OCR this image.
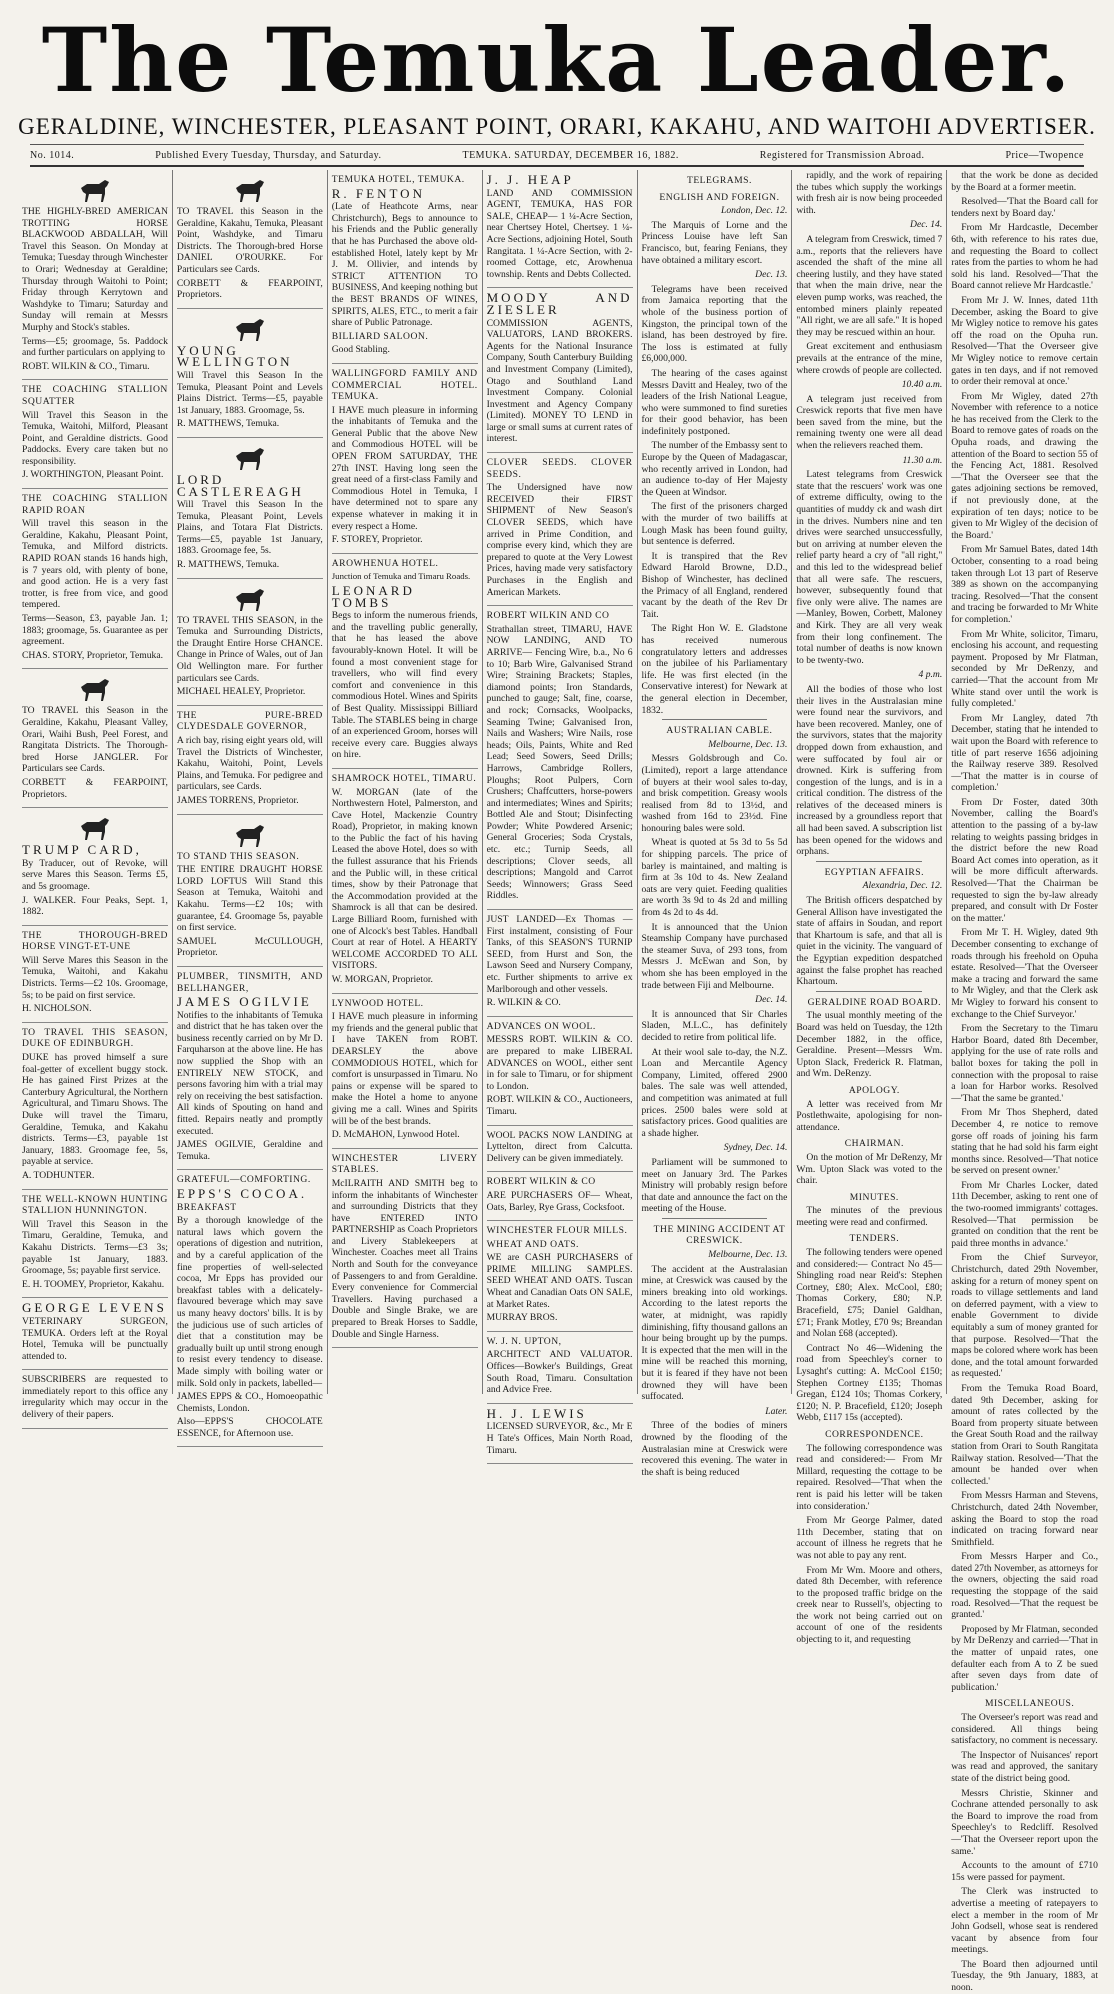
The Temuka Leader.
GERALDINE, WINCHESTER, PLEASANT POINT, ORARI, KAKAHU, AND WAITOHI ADVERTISER.
No. 1014.	Published Every Tuesday, Thursday, and Saturday.	TEMUKA. SATURDAY, DECEMBER 16, 1882.	Registered for Transmission Abroad.	Price—Twopence

THE HIGHLY-BRED AMERICAN TROTTING HORSE BLACKWOOD ABDALLAH, Will Travel this Season. On Monday at Temuka; Tuesday through Winchester to Orari; Wednesday at Geraldine; Thursday through Waitohi to Point; Friday through Kerrytown and Washdyke to Timaru; Saturday and Sunday will remain at Messrs Murphy and Stock's stables.

Terms—£5; groomage, 5s. Paddock and further particulars on applying to

ROBT. WILKIN & CO., Timaru.

THE COACHING STALLION SQUATTER

Will Travel this Season in the Temuka, Waitohi, Milford, Pleasant Point, and Geraldine districts. Good Paddocks. Every care taken but no responsibility.

J. WORTHINGTON, Pleasant Point.

THE COACHING STALLION RAPID ROAN

Will travel this season in the Geraldine, Kakahu, Pleasant Point, Temuka, and Milford districts. RAPID ROAN stands 16 hands high, is 7 years old, with plenty of bone, and good action. He is a very fast trotter, is free from vice, and good tempered.

Terms—Season, £3, payable Jan. 1; 1883; groomage, 5s. Guarantee as per agreement.

CHAS. STORY, Proprietor, Temuka.

TO TRAVEL this Season in the Geraldine, Kakahu, Pleasant Valley, Orari, Waihi Bush, Peel Forest, and Rangitata Districts. The Thorough-bred Horse JANGLER. For Particulars see Cards.

CORBETT & FEARPOINT, Proprietors.

TRUMP CARD,

By Traducer, out of Revoke, will serve Mares this Season. Terms £5, and 5s groomage.

J. WALKER. Four Peaks, Sept. 1, 1882.

THE THOROUGH-BRED HORSE VINGT-ET-UNE

Will Serve Mares this Season in the Temuka, Waitohi, and Kakahu Districts. Terms—£2 10s. Groomage, 5s; to be paid on first service.

H. NICHOLSON.

TO TRAVEL THIS SEASON, DUKE OF EDINBURGH.

DUKE has proved himself a sure foal-getter of excellent buggy stock. He has gained First Prizes at the Canterbury Agricultural, the Northern Agricultural, and Timaru Shows. The Duke will travel the Timaru, Geraldine, Temuka, and Kakahu districts. Terms—£3, payable 1st January, 1883. Groomage fee, 5s, payable at service.

A. TODHUNTER.

THE WELL-KNOWN HUNTING STALLION HUNNINGTON.

Will Travel this Season in the Timaru, Geraldine, Temuka, and Kakahu Districts. Terms—£3 3s; payable 1st January, 1883. Groomage, 5s; payable first service.

E. H. TOOMEY, Proprietor, Kakahu.

GEORGE LEVENS

VETERINARY SURGEON, TEMUKA. Orders left at the Royal Hotel, Temuka will be punctually attended to.

SUBSCRIBERS are requested to immediately report to this office any irregularity which may occur in the delivery of their papers.

TO TRAVEL this Season in the Geraldine, Kakahu, Temuka, Pleasant Point, Washdyke, and Timaru Districts. The Thorough-bred Horse DANIEL O'ROURKE. For Particulars see Cards.

CORBETT & FEARPOINT, Proprietors.

YOUNG WELLINGTON

Will Travel this Season In the Temuka, Pleasant Point and Levels Plains District. Terms—£5, payable 1st January, 1883. Groomage, 5s.

R. MATTHEWS, Temuka.

LORD CASTLEREAGH

Will Travel this Season In the Temuka, Pleasant Point, Levels Plains, and Totara Flat Districts. Terms—£5, payable 1st January, 1883. Groomage fee, 5s.

R. MATTHEWS, Temuka.

TO TRAVEL THIS SEASON, in the Temuka and Surrounding Districts, the Draught Entire Horse CHANCE. Change in Prince of Wales, out of Jan Old Wellington mare. For further particulars see Cards.

MICHAEL HEALEY, Proprietor.

THE PURE-BRED CLYDESDALE GOVERNOR,

A rich bay, rising eight years old, will Travel the Districts of Winchester, Kakahu, Waitohi, Point, Levels Plains, and Temuka. For pedigree and particulars, see Cards.

JAMES TORRENS, Proprietor.

TO STAND THIS SEASON.

THE ENTIRE DRAUGHT HORSE LORD LOFTUS Will Stand this Season at Temuka, Waitohi and Kakahu. Terms—£2 10s; with guarantee, £4. Groomage 5s, payable on first service.

SAMUEL McCULLOUGH, Proprietor.

PLUMBER, TINSMITH, AND BELLHANGER,

JAMES OGILVIE

Notifies to the inhabitants of Temuka and district that he has taken over the business recently carried on by Mr D. Farquharson at the above line. He has now supplied the Shop with an ENTIRELY NEW STOCK, and persons favoring him with a trial may rely on receiving the best satisfaction. All kinds of Spouting on hand and fitted. Repairs neatly and promptly executed.

JAMES OGILVIE, Geraldine and Temuka.

GRATEFUL—COMFORTING.

EPPS'S COCOA.

BREAKFAST

By a thorough knowledge of the natural laws which govern the operations of digestion and nutrition, and by a careful application of the fine properties of well-selected cocoa, Mr Epps has provided our breakfast tables with a delicately-flavoured beverage which may save us many heavy doctors' bills. It is by the judicious use of such articles of diet that a constitution may be gradually built up until strong enough to resist every tendency to disease. Made simply with boiling water or milk. Sold only in packets, labelled—

JAMES EPPS & CO., Homoeopathic Chemists, London.

Also—EPPS'S CHOCOLATE ESSENCE, for Afternoon use.

TEMUKA HOTEL, TEMUKA.

R. FENTON

(Late of Heathcote Arms, near Christchurch), Begs to announce to his Friends and the Public generally that he has Purchased the above old-established Hotel, lately kept by Mr J. M. Ollivier, and intends by STRICT ATTENTION TO BUSINESS, And keeping nothing but the BEST BRANDS OF WINES, SPIRITS, ALES, ETC., to merit a fair share of Public Patronage.

BILLIARD SALOON.

Good Stabling.

WALLINGFORD FAMILY AND COMMERCIAL HOTEL. TEMUKA.

I HAVE much pleasure in informing the inhabitants of Temuka and the General Public that the above New and Commodious HOTEL will be OPEN FROM SATURDAY, THE 27th INST. Having long seen the great need of a first-class Family and Commodious Hotel in Temuka, I have determined not to spare any expense whatever in making it in every respect a Home.

F. STOREY, Proprietor.

AROWHENUA HOTEL.

Junction of Temuka and Timaru Roads.

LEONARD TOMBS

Begs to inform the numerous friends, and the travelling public generally, that he has leased the above favourably-known Hotel. It will be found a most convenient stage for travellers, who will find every comfort and convenience in this commodious Hotel. Wines and Spirits of Best Quality. Mississippi Billiard Table. The STABLES being in charge of an experienced Groom, horses will receive every care. Buggies always on hire.

SHAMROCK HOTEL, TIMARU.

W. MORGAN (late of the Northwestern Hotel, Palmerston, and Cave Hotel, Mackenzie Country Road), Proprietor, in making known to the Public the fact of his having Leased the above Hotel, does so with the fullest assurance that his Friends and the Public will, in these critical times, show by their Patronage that the Accommodation provided at the Shamrock is all that can be desired. Large Billiard Room, furnished with one of Alcock's best Tables. Handball Court at rear of Hotel. A HEARTY WELCOME ACCORDED TO ALL VISITORS.

W. MORGAN, Proprietor.

LYNWOOD HOTEL.

I HAVE much pleasure in informing my friends and the general public that I have TAKEN from ROBT. DEARSLEY the above COMMODIOUS HOTEL, which for comfort is unsurpassed in Timaru. No pains or expense will be spared to make the Hotel a home to anyone giving me a call. Wines and Spirits will be of the best brands.

D. McMAHON, Lynwood Hotel.

WINCHESTER LIVERY STABLES.

McILRAITH AND SMITH beg to inform the inhabitants of Winchester and surrounding Districts that they have ENTERED INTO PARTNERSHIP as Coach Proprietors and Livery Stablekeepers at Winchester. Coaches meet all Trains North and South for the conveyance of Passengers to and from Geraldine. Every convenience for Commercial Travellers. Having purchased a Double and Single Brake, we are prepared to Break Horses to Saddle, Double and Single Harness.

J. J. HEAP

LAND AND COMMISSION AGENT, TEMUKA, HAS FOR SALE, CHEAP— 1 ¼-Acre Section, near Chertsey Hotel, Chertsey. 1 ¼-Acre Sections, adjoining Hotel, South Rangitata. 1 ¼-Acre Section, with 2-roomed Cottage, etc, Arowhenua township. Rents and Debts Collected.

MOODY AND ZIESLER

COMMISSION AGENTS, VALUATORS, LAND BROKERS. Agents for the National Insurance Company, South Canterbury Building and Investment Company (Limited), Otago and Southland Land Investment Company. Colonial Investment and Agency Company (Limited). MONEY TO LEND in large or small sums at current rates of interest.

CLOVER SEEDS. CLOVER SEEDS.

The Undersigned have now RECEIVED their FIRST SHIPMENT of New Season's CLOVER SEEDS, which have arrived in Prime Condition, and comprise every kind, which they are prepared to quote at the Very Lowest Prices, having made very satisfactory Purchases in the English and American Markets.

ROBERT WILKIN AND CO

Strathallan street, TIMARU, HAVE NOW LANDING, AND TO ARRIVE— Fencing Wire, b.a., No 6 to 10; Barb Wire, Galvanised Strand Wire; Straining Brackets; Staples, diamond points; Iron Standards, punched to gauge; Salt, fine, coarse, and rock; Cornsacks, Woolpacks, Seaming Twine; Galvanised Iron, Nails and Washers; Wire Nails, rose heads; Oils, Paints, White and Red Lead; Seed Sowers, Seed Drills; Harrows, Cambridge Rollers, Ploughs; Root Pulpers, Corn Crushers; Chaffcutters, horse-powers and intermediates; Wines and Spirits; Bottled Ale and Stout; Disinfecting Powder; White Powdered Arsenic; General Groceries; Soda Crystals, etc. etc.; Turnip Seeds, all descriptions; Clover seeds, all descriptions; Mangold and Carrot Seeds; Winnowers; Grass Seed Riddles.

JUST LANDED—Ex Thomas — First instalment, consisting of Four Tanks, of this SEASON'S TURNIP SEED, from Hurst and Son, the Lawson Seed and Nursery Company, etc. Further shipments to arrive ex Marlborough and other vessels.

R. WILKIN & CO.

ADVANCES ON WOOL.

MESSRS ROBT. WILKIN & CO. are prepared to make LIBERAL ADVANCES on WOOL, either sent in for sale to Timaru, or for shipment to London.

ROBT. WILKIN & CO., Auctioneers, Timaru.

WOOL PACKS NOW LANDING at Lyttelton, direct from Calcutta. Delivery can be given immediately.

ROBERT WILKIN & CO

ARE PURCHASERS OF— Wheat, Oats, Barley, Rye Grass, Cocksfoot.

WINCHESTER FLOUR MILLS.

WHEAT AND OATS.

WE are CASH PURCHASERS of PRIME MILLING SAMPLES. SEED WHEAT AND OATS. Tuscan Wheat and Canadian Oats ON SALE, at Market Rates.

MURRAY BROS.

W. J. N. UPTON,

ARCHITECT AND VALUATOR. Offices—Bowker's Buildings, Great South Road, Timaru. Consultation and Advice Free.

H. J. LEWIS

LICENSED SURVEYOR, &c., Mr E H Tate's Offices, Main North Road, Timaru.

TELEGRAMS.

ENGLISH AND FOREIGN.

London, Dec. 12.

The Marquis of Lorne and the Princess Louise have left San Francisco, but, fearing Fenians, they have obtained a military escort.

Dec. 13.

Telegrams have been received from Jamaica reporting that the whole of the business portion of Kingston, the principal town of the island, has been destroyed by fire. The loss is estimated at fully £6,000,000.

The hearing of the cases against Messrs Davitt and Healey, two of the leaders of the Irish National League, who were summoned to find sureties for their good behavior, has been indefinitely postponed.

The number of the Embassy sent to Europe by the Queen of Madagascar, who recently arrived in London, had an audience to-day of Her Majesty the Queen at Windsor.

The first of the prisoners charged with the murder of two bailiffs at Lough Mask has been found guilty, but sentence is deferred.

It is transpired that the Rev Edward Harold Browne, D.D., Bishop of Winchester, has declined the Primacy of all England, rendered vacant by the death of the Rev Dr Tait.

The Right Hon W. E. Gladstone has received numerous congratulatory letters and addresses on the jubilee of his Parliamentary life. He was first elected (in the Conservative interest) for Newark at the general election in December, 1832.

AUSTRALIAN CABLE.

Melbourne, Dec. 13.

Messrs Goldsbrough and Co. (Limited), report a large attendance of buyers at their wool sales to-day, and brisk competition. Greasy wools realised from 8d to 13½d, and washed from 16d to 23½d. Fine honouring bales were sold.

Wheat is quoted at 5s 3d to 5s 5d for shipping parcels. The price of barley is maintained, and malting is firm at 3s 10d to 4s. New Zealand oats are very quiet. Feeding qualities are worth 3s 9d to 4s 2d and milling from 4s 2d to 4s 4d.

It is announced that the Union Steamship Company have purchased the steamer Suva, of 293 tons, from Messrs J. McEwan and Son, by whom she has been employed in the trade between Fiji and Melbourne.

Dec. 14.

It is announced that Sir Charles Sladen, M.L.C., has definitely decided to retire from political life.

At their wool sale to-day, the N.Z. Loan and Mercantile Agency Company, Limited, offered 2900 bales. The sale was well attended, and competition was animated at full prices. 2500 bales were sold at satisfactory prices. Good qualities are a shade higher.

Sydney, Dec. 14.

Parliament will be summoned to meet on January 3rd. The Parkes Ministry will probably resign before that date and announce the fact on the meeting of the House.

THE MINING ACCIDENT AT CRESWICK.

Melbourne, Dec. 13.

The accident at the Australasian mine, at Creswick was caused by the miners breaking into old workings. According to the latest reports the water, at midnight, was rapidly diminishing, fifty thousand gallons an hour being brought up by the pumps. It is expected that the men will in the mine will be reached this morning, but it is feared if they have not been drowned they will have been suffocated.

Later.

Three of the bodies of miners drowned by the flooding of the Australasian mine at Creswick were recovered this evening. The water in the shaft is being reduced

rapidly, and the work of repairing the tubes which supply the workings with fresh air is now being proceeded with.

Dec. 14.

A telegram from Creswick, timed 7 a.m., reports that the relievers have ascended the shaft of the mine all cheering lustily, and they have stated that when the main drive, near the eleven pump works, was reached, the entombed miners plainly repeated "All right, we are all safe." It is hoped they may be rescued within an hour.

Great excitement and enthusiasm prevails at the entrance of the mine, where crowds of people are collected.

10.40 a.m.

A telegram just received from Creswick reports that five men have been saved from the mine, but the remaining twenty one were all dead when the relievers reached them.

11.30 a.m.

Latest telegrams from Creswick state that the rescuers' work was one of extreme difficulty, owing to the quantities of muddy ck and wash dirt in the drives. Numbers nine and ten drives were searched unsuccessfully, but on arriving at number eleven the relief party heard a cry of "all right," and this led to the widespread belief that all were safe. The rescuers, however, subsequently found that five only were alive. The names are—Manley, Bowen, Corbett, Maloney and Kirk. They are all very weak from their long confinement. The total number of deaths is now known to be twenty-two.

4 p.m.

All the bodies of those who lost their lives in the Australasian mine were found near the survivors, and have been recovered. Manley, one of the survivors, states that the majority dropped down from exhaustion, and were suffocated by foul air or drowned. Kirk is suffering from congestion of the lungs, and is in a critical condition. The distress of the relatives of the deceased miners is increased by a groundless report that all had been saved. A subscription list has been opened for the widows and orphans.

EGYPTIAN AFFAIRS.

Alexandria, Dec. 12.

The British officers despatched by General Allison have investigated the state of affairs in Soudan, and report that Khartoum is safe, and that all is quiet in the vicinity. The vanguard of the Egyptian expedition despatched against the false prophet has reached Khartoum.

GERALDINE ROAD BOARD.

The usual monthly meeting of the Board was held on Tuesday, the 12th December 1882, in the office, Geraldine. Present—Messrs Wm. Upton Slack, Frederick R. Flatman, and Wm. DeRenzy.

APOLOGY.

A letter was received from Mr Postlethwaite, apologising for non-attendance.

CHAIRMAN.

On the motion of Mr DeRenzy, Mr Wm. Upton Slack was voted to the chair.

MINUTES.

The minutes of the previous meeting were read and confirmed.

TENDERS.

The following tenders were opened and considered:— Contract No 45—Shingling road near Reid's: Stephen Cortney, £80; Alex. McCool, £80; Thomas Corkery, £80; N.P. Bracefield, £75; Daniel Galdhan, £71; Frank Motley, £70 9s; Breandan and Nolan £68 (accepted).

Contract No 46—Widening the road from Speechley's corner to Lysaght's cutting: A. McCool £150; Stephen Cortney £135; Thomas Gregan, £124 10s; Thomas Corkery, £120; N. P. Bracefield, £120; Joseph Webb, £117 15s (accepted).

CORRESPONDENCE.

The following correspondence was read and considered:— From Mr Millard, requesting the cottage to be repaired. Resolved—'That when the rent is paid his letter will be taken into consideration.'

From Mr George Palmer, dated 11th December, stating that on account of illness he regrets that he was not able to pay any rent.

From Mr Wm. Moore and others, dated 8th December, with reference to the proposed traffic bridge on the creek near to Russell's, objecting to the work not being carried out on account of one of the residents objecting to it, and requesting

that the work be done as decided by the Board at a former meetin.

Resolved—'That the Board call for tenders next by Board day.'

From Mr Hardcastle, December 6th, with reference to his rates due, and requesting the Board to collect rates from the parties to whom he had sold his land. Resolved—'That the Board cannot relieve Mr Hardcastle.'

From Mr J. W. Innes, dated 11th December, asking the Board to give Mr Wigley notice to remove his gates off the road on the Opuha run. Resolved—'That the Overseer give Mr Wigley notice to remove certain gates in ten days, and if not removed to order their removal at once.'

From Mr Wigley, dated 27th November with reference to a notice he has received from the Clerk to the Board to remove gates of roads on the Opuha roads, and drawing the attention of the Board to section 55 of the Fencing Act, 1881. Resolved—'That the Overseer see that the gates adjoining sections be removed, if not previously done, at the expiration of ten days; notice to be given to Mr Wigley of the decision of the Board.'

From Mr Samuel Bates, dated 14th October, consenting to a road being taken through Lot 13 part of Reserve 389 as shown on the accompanying tracing. Resolved—'That the consent and tracing be forwarded to Mr White for completion.'

From Mr White, solicitor, Timaru, enclosing his account, and requesting payment. Proposed by Mr Flatman, seconded by Mr DeRenzy, and carried—'That the account from Mr White stand over until the work is fully completed.'

From Mr Langley, dated 7th December, stating that he intended to wait upon the Board with reference to title of part reserve 1656 adjoining the Railway reserve 389. Resolved—'That the matter is in course of completion.'

From Dr Foster, dated 30th November, calling the Board's attention to the passing of a by-law relating to weights passing bridges in the district before the new Road Board Act comes into operation, as it will be more difficult afterwards. Resolved—'That the Chairman be requested to sign the by-law already prepared, and consult with Dr Foster on the matter.'

From Mr T. H. Wigley, dated 9th December consenting to exchange of roads through his freehold on Opuha estate. Resolved—'That the Overseer make a tracing and forward the same to Mr Wigley, and that the Clerk ask Mr Wigley to forward his consent to exchange to the Chief Surveyor.'

From the Secretary to the Timaru Harbor Board, dated 8th December, applying for the use of rate rolls and ballot boxes for taking the poll in connection with the proposal to raise a loan for Harbor works. Resolved—'That the same be granted.'

From Mr Thos Shepherd, dated December 4, re notice to remove gorse off roads of joining his farm stating that he had sold his farm eight months since. Resolved—'That notice be served on present owner.'

From Mr Charles Locker, dated 11th December, asking to rent one of the two-roomed immigrants' cottages. Resolved—'That permission be granted on condition that the rent be paid three months in advance.'

From the Chief Surveyor, Christchurch, dated 29th November, asking for a return of money spent on roads to village settlements and land on deferred payment, with a view to enable Government to divide equitably a sum of money granted for that purpose. Resolved—'That the maps be colored where work has been done, and the total amount forwarded as requested.'

From the Temuka Road Board, dated 9th December, asking for amount of rates collected by the Board from property situate between the Great South Road and the railway station from Orari to South Rangitata Railway station. Resolved—'That the amount be handed over when collected.'

From Messrs Harman and Stevens, Christchurch, dated 24th November, asking the Board to stop the road indicated on tracing forward near Smithfield.

From Messrs Harper and Co., dated 27th November, as attorneys for the owners, objecting the said road requesting the stoppage of the said road. Resolved—'That the request be granted.'

Proposed by Mr Flatman, seconded by Mr DeRenzy and carried—'That in the matter of unpaid rates, one defaulter each from A to Z be sued after seven days from date of publication.'

MISCELLANEOUS.

The Overseer's report was read and considered. All things being satisfactory, no comment is necessary.

The Inspector of Nuisances' report was read and approved, the sanitary state of the district being good.

Messrs Christie, Skinner and Cochrane attended personally to ask the Board to improve the road from Speechley's to Redcliff. Resolved—'That the Overseer report upon the same.'

Accounts to the amount of £710 15s were passed for payment.

The Clerk was instructed to advertise a meeting of ratepayers to elect a member in the room of Mr John Godsell, whose seat is rendered vacant by absence from four meetings.

The Board then adjourned until Tuesday, the 9th January, 1883, at noon.
